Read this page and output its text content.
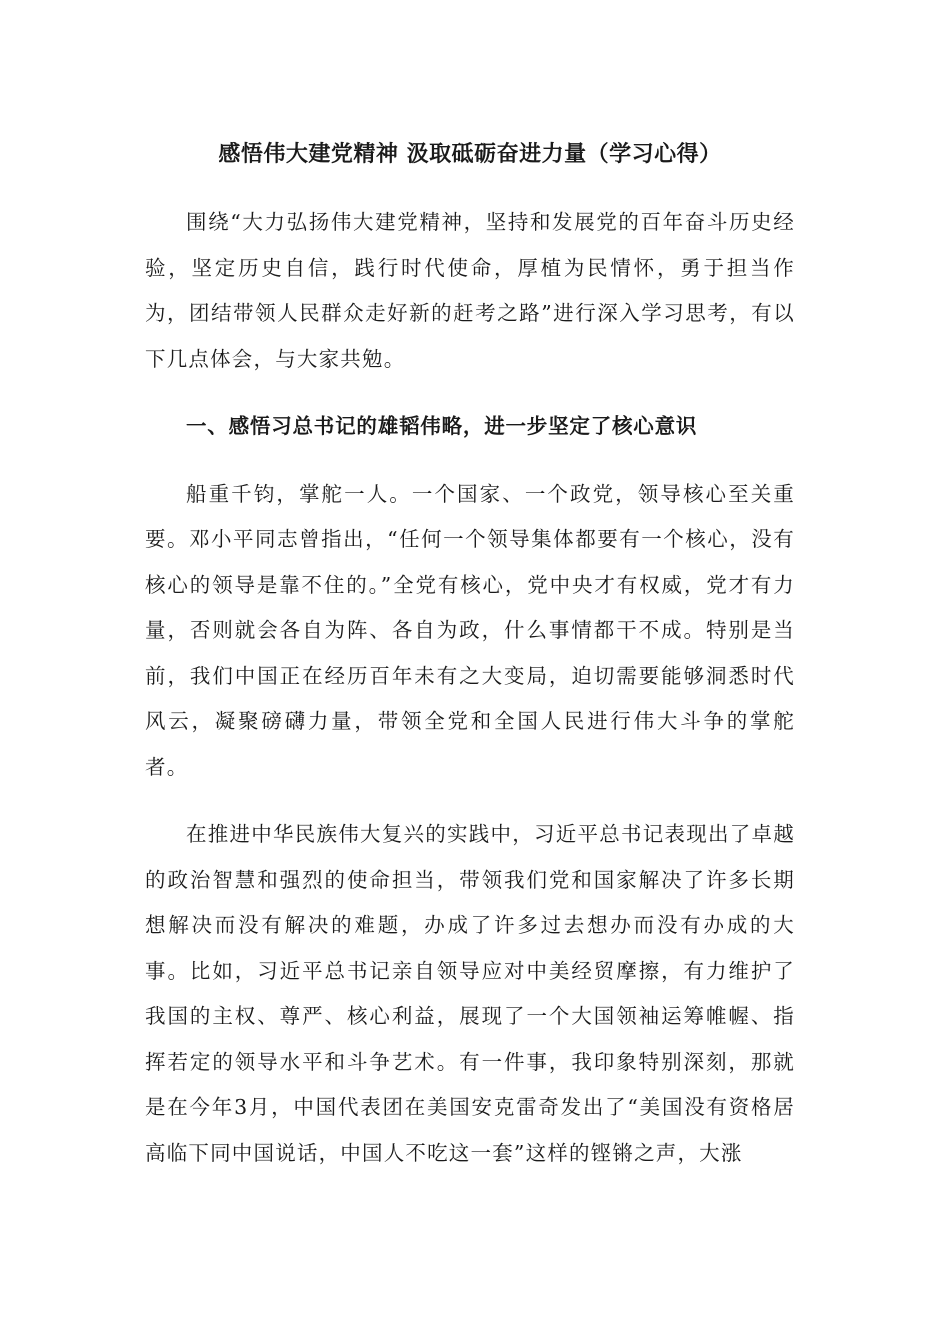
感悟伟大建党精神 汲取砥砺奋进力量（学习心得）

围绕“大力弘扬伟大建党精神，坚持和发展党的百年奋斗历史经验，坚定历史自信，践行时代使命，厚植为民情怀，勇于担当作为，团结带领人民群众走好新的赶考之路”进行深入学习思考，有以下几点体会，与大家共勉。

一、感悟习总书记的雄韬伟略，进一步坚定了核心意识

船重千钧，掌舵一人。一个国家、一个政党，领导核心至关重要。邓小平同志曾指出，“任何一个领导集体都要有一个核心，没有核心的领导是靠不住的。”全党有核心，党中央才有权威，党才有力量，否则就会各自为阵、各自为政，什么事情都干不成。特别是当前，我们中国正在经历百年未有之大变局，迫切需要能够洞悉时代风云，凝聚磅礴力量，带领全党和全国人民进行伟大斗争的掌舵者。

在推进中华民族伟大复兴的实践中，习近平总书记表现出了卓越的政治智慧和强烈的使命担当，带领我们党和国家解决了许多长期想解决而没有解决的难题，办成了许多过去想办而没有办成的大事。比如，习近平总书记亲自领导应对中美经贸摩擦，有力维护了我国的主权、尊严、核心利益，展现了一个大国领袖运筹帷幄、指挥若定的领导水平和斗争艺术。有一件事，我印象特别深刻，那就是在今年3月，中国代表团在美国安克雷奇发出了“美国没有资格居高临下同中国说话，中国人不吃这一套”这样的铿锵之声，大涨
